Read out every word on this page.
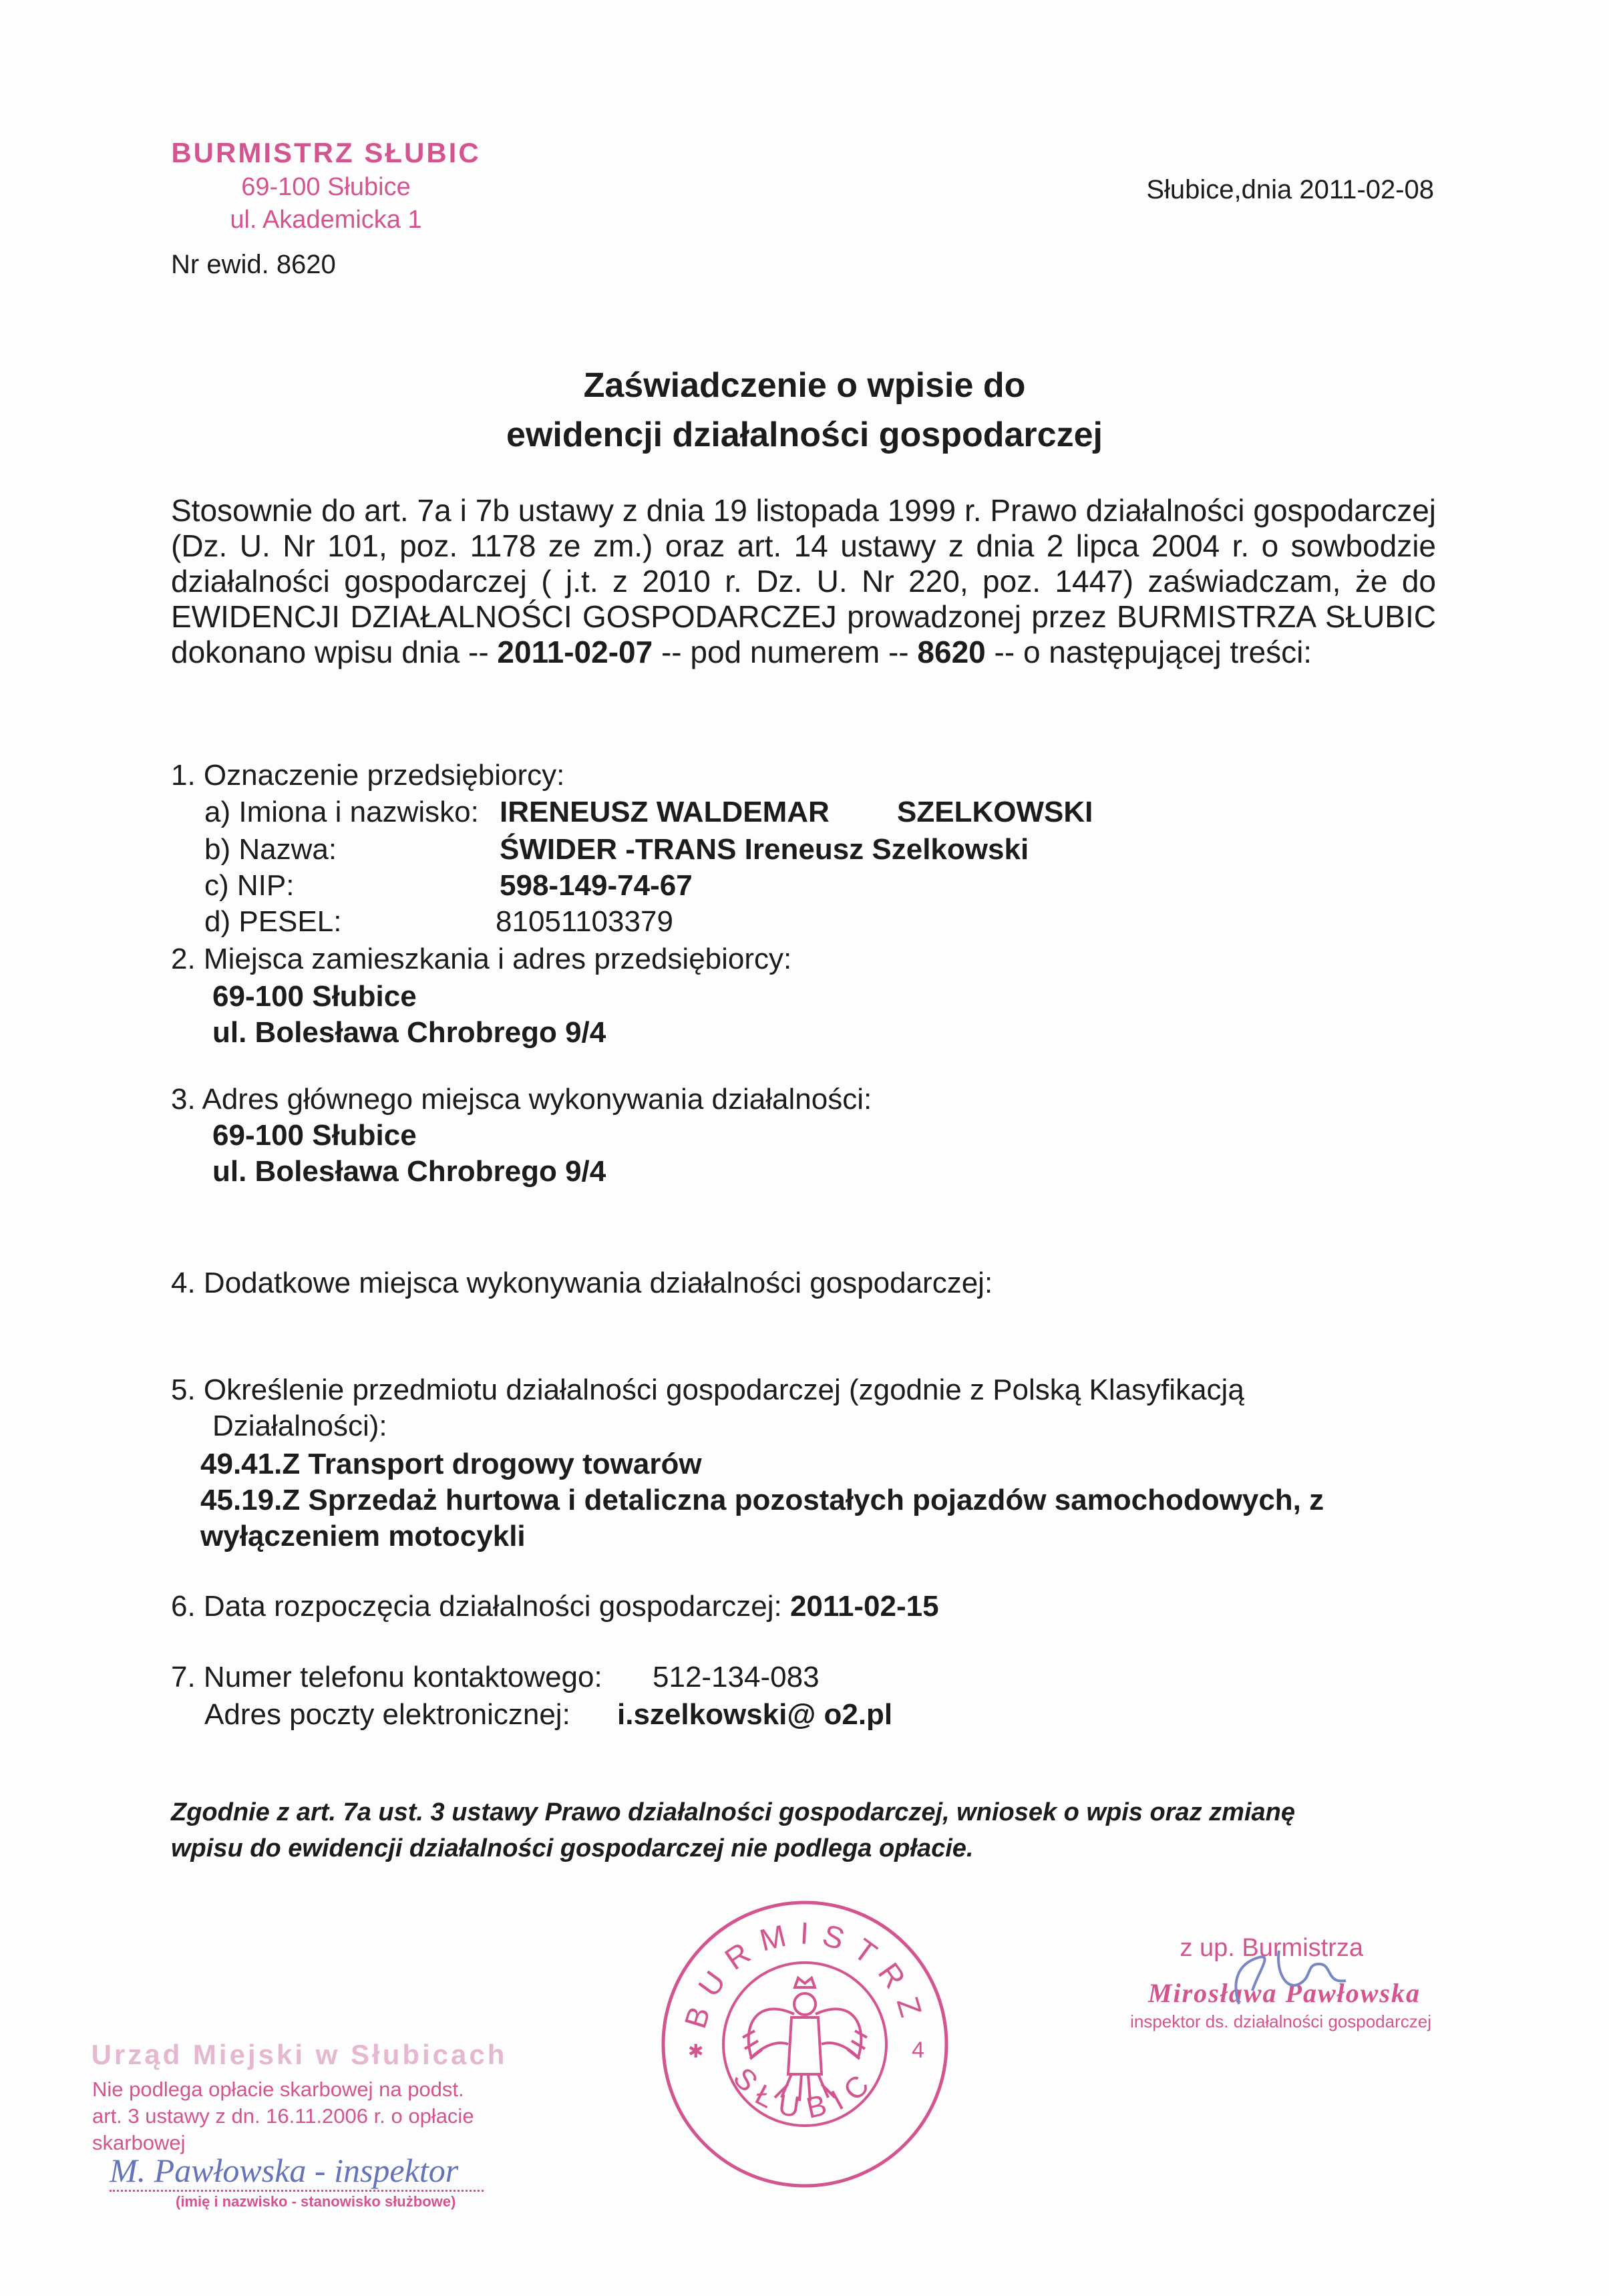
BURMISTRZ SŁUBIC
69-100 Słubice
ul. Akademicka 1
Nr ewid. 8620
Słubice,dnia 2011-02-08
Zaświadczenie o wpisie do
ewidencji działalności gospodarczej
Stosownie do art. 7a i 7b ustawy z dnia 19 listopada 1999 r. Prawo działalności gospodarczej (Dz. U. Nr 101, poz. 1178 ze zm.) oraz art. 14 ustawy z dnia 2 lipca 2004 r. o sowbodzie działalności gospodarczej ( j.t. z 2010 r. Dz. U. Nr 220, poz. 1447) zaświadczam, że do EWIDENCJI DZIAŁALNOŚCI GOSPODARCZEJ prowadzonej przez BURMISTRZA SŁUBIC dokonano wpisu dnia -- 2011-02-07 -- pod numerem -- 8620 -- o następującej treści:
1. Oznaczenie przedsiębiorcy:
a) Imiona i nazwisko: IRENEUSZ WALDEMAR SZELKOWSKI
b) Nazwa:	ŚWIDER -TRANS Ireneusz Szelkowski
c) NIP:	598-149-74-67
d) PESEL:	81051103379
2. Miejsca zamieszkania i adres przedsiębiorcy:
69-100 Słubice
ul. Bolesława Chrobrego 9/4
3. Adres głównego miejsca wykonywania działalności:
69-100 Słubice
ul. Bolesława Chrobrego 9/4
4. Dodatkowe miejsca wykonywania działalności gospodarczej:
5. Określenie przedmiotu działalności gospodarczej (zgodnie z Polską Klasyfikacją
Działalności):
49.41.Z Transport drogowy towarów
45.19.Z Sprzedaż hurtowa i detaliczna pozostałych pojazdów samochodowych, z
wyłączeniem motocykli
6. Data rozpoczęcia działalności gospodarczej: 2011-02-15
7. Numer telefonu kontaktowego: 512-134-083
Adres poczty elektronicznej: i.szelkowski@ o2.pl
Zgodnie z art. 7a ust. 3 ustawy Prawo działalności gospodarczej, wniosek o wpis oraz zmianę
wpisu do ewidencji działalności gospodarczej nie podlega opłacie.
BURMISTRZ
SŁUBIC
4
✱
z up. Burmistrza
Mirosława Pawłowska
inspektor ds. działalności gospodarczej
Urząd Miejski w Słubicach
Nie podlega opłacie skarbowej na podst.
art. 3 ustawy z dn. 16.11.2006 r. o opłacie
skarbowej
M. Pawłowska - inspektor
(imię i nazwisko - stanowisko służbowe)
